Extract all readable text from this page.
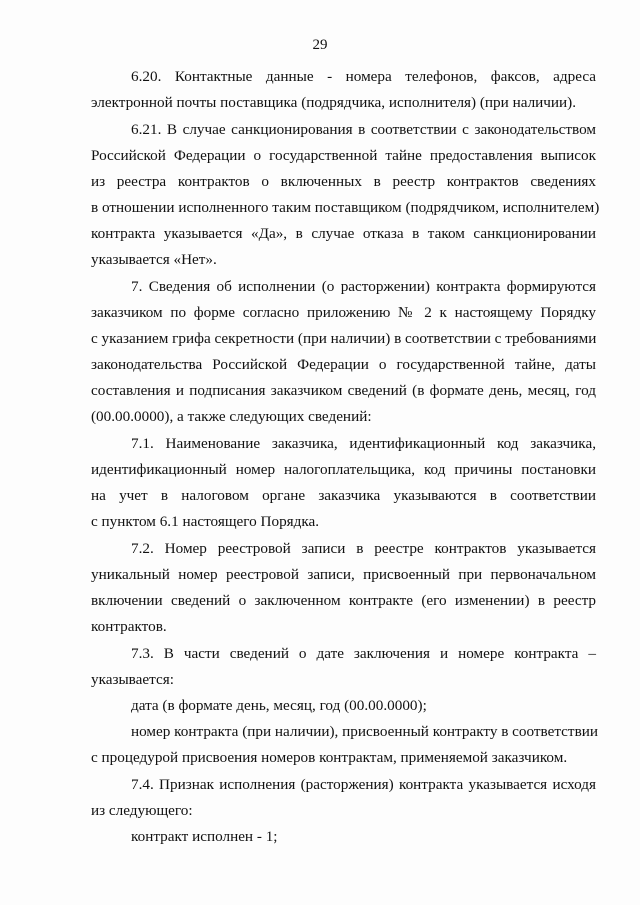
29
6.20. Контактные данные - номера телефонов, факсов, адреса
электронной почты поставщика (подрядчика, исполнителя) (при наличии).
6.21. В случае санкционирования в соответствии с законодательством
Российской Федерации о государственной тайне предоставления выписок
из реестра контрактов о включенных в реестр контрактов сведениях
в отношении исполненного таким поставщиком (подрядчиком, исполнителем)
контракта указывается «Да», в случае отказа в таком санкционировании
указывается «Нет».
7. Сведения об исполнении (о расторжении) контракта формируются
заказчиком по форме согласно приложению № 2 к настоящему Порядку
с указанием грифа секретности (при наличии) в соответствии с требованиями
законодательства Российской Федерации о государственной тайне, даты
составления и подписания заказчиком сведений (в формате день, месяц, год
(00.00.0000), а также следующих сведений:
7.1. Наименование заказчика, идентификационный код заказчика,
идентификационный номер налогоплательщика, код причины постановки
на учет в налоговом органе заказчика указываются в соответствии
с пунктом 6.1 настоящего Порядка.
7.2. Номер реестровой записи в реестре контрактов указывается
уникальный номер реестровой записи, присвоенный при первоначальном
включении сведений о заключенном контракте (его изменении) в реестр
контрактов.
7.3. В части сведений о дате заключения и номере контракта –
указывается:
дата (в формате день, месяц, год (00.00.0000);
номер контракта (при наличии), присвоенный контракту в соответствии
с процедурой присвоения номеров контрактам, применяемой заказчиком.
7.4. Признак исполнения (расторжения) контракта указывается исходя
из следующего:
контракт исполнен - 1;
